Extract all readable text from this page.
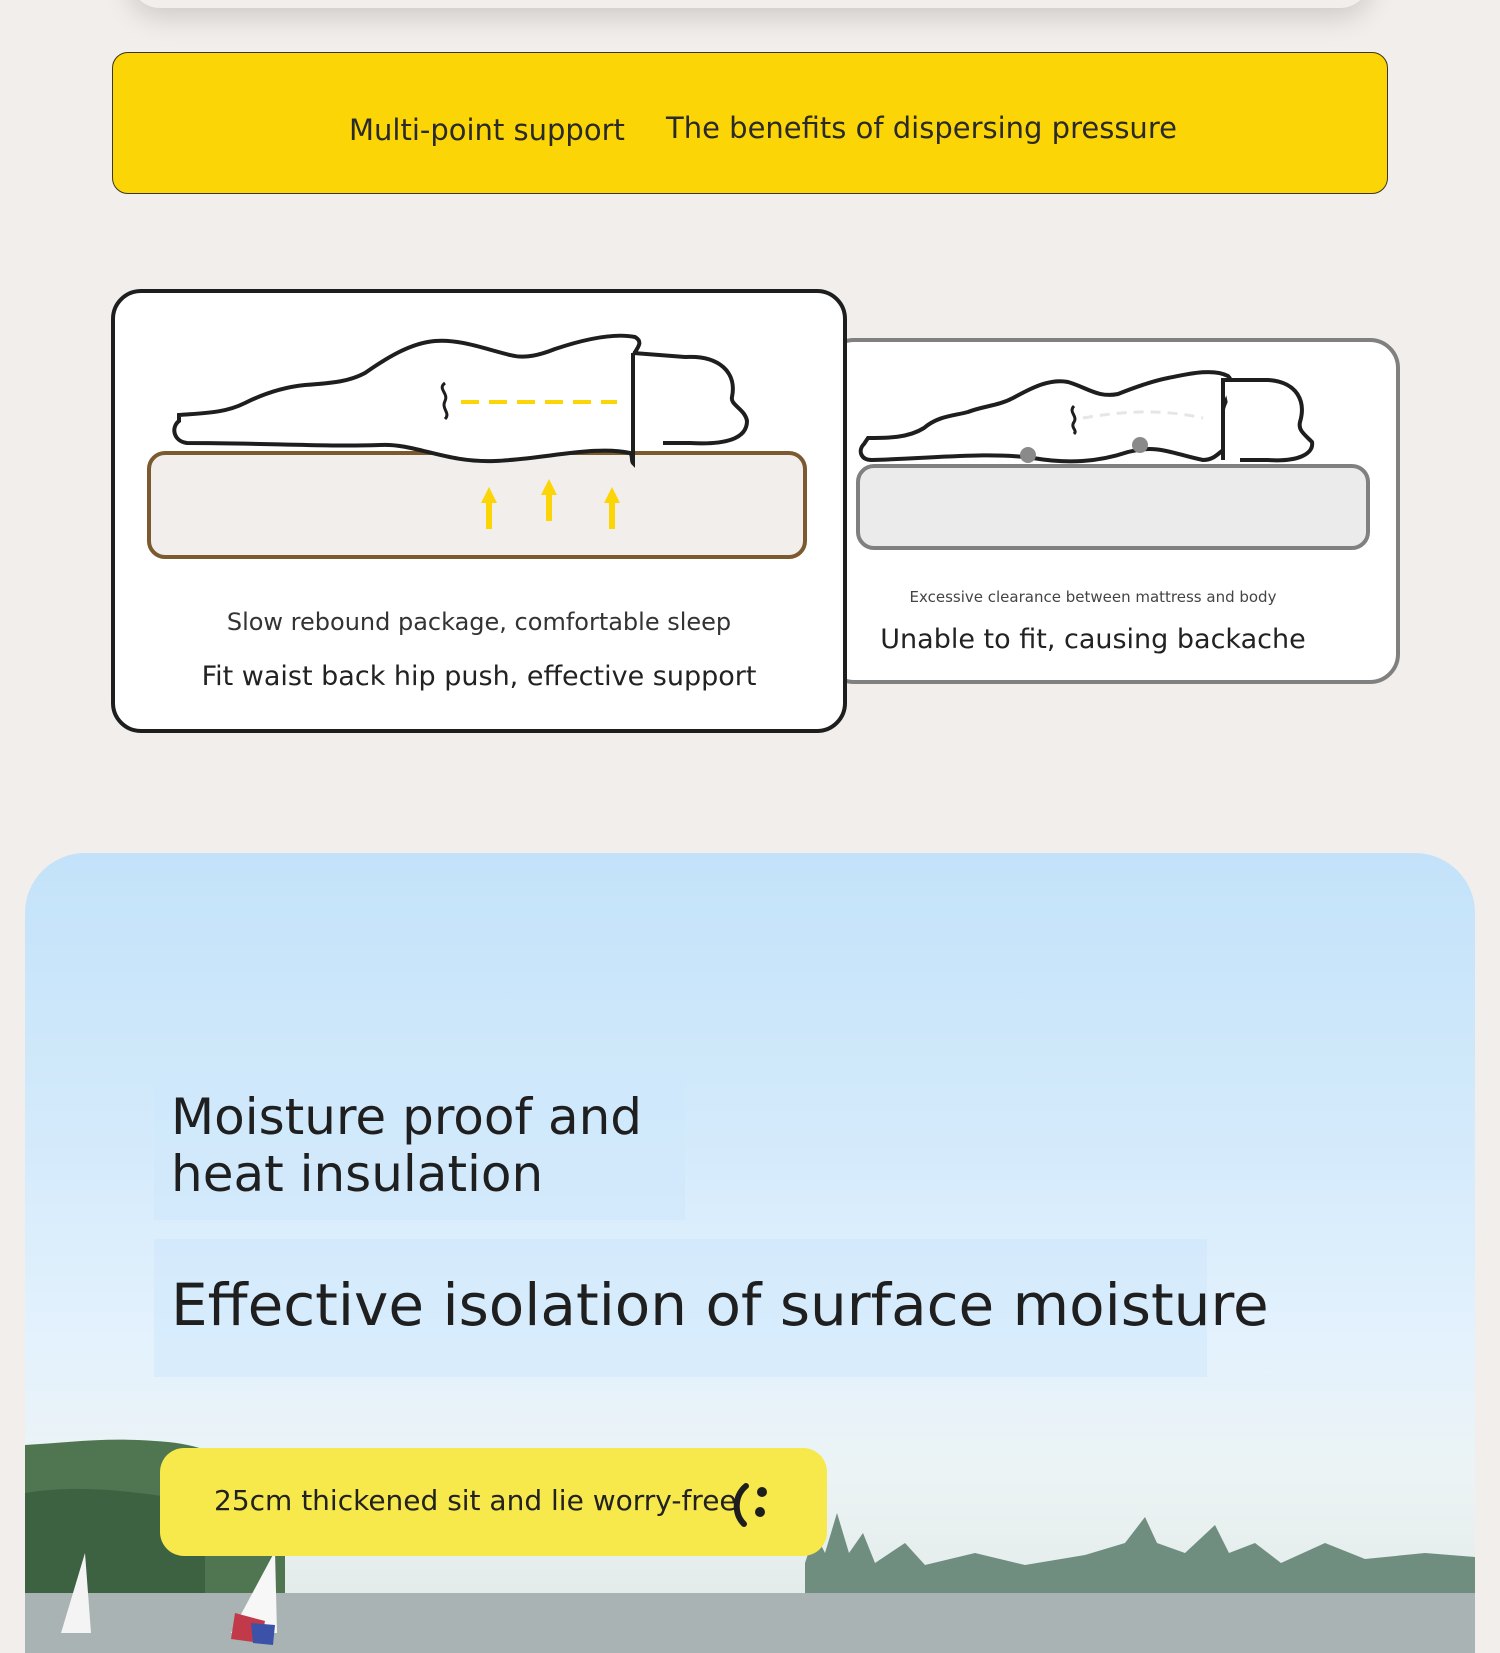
Multi-point support The benefits of dispersing pressure
Excessive clearance between mattress and body
Unable to fit, causing backache
Slow rebound package, comfortable sleep
Fit waist back hip push, effective support
Moisture proof and
heat insulation
Effective isolation of surface moisture
25cm thickened sit and lie worry-free
